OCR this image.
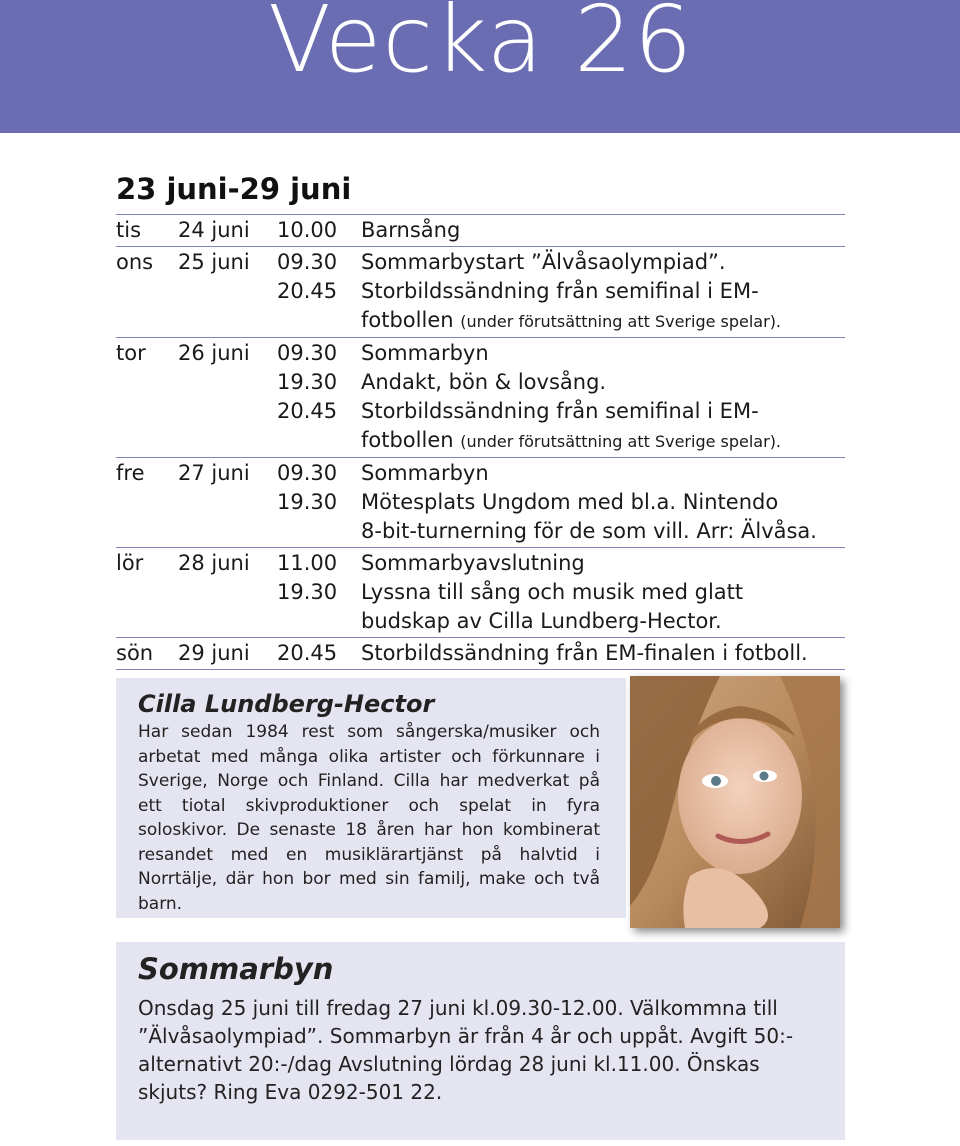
Vecka 26
23 juni-29 juni
tis	24 juni	10.00	Barnsång
ons	25 juni	09.30	Sommarbystart ”Älvåsaolympiad”.
20.45	Storbildssändning från semifinal i EM-
fotbollen (under förutsättning att Sverige spelar).
tor	26 juni	09.30	Sommarbyn
19.30	Andakt, bön & lovsång.
20.45	Storbildssändning från semifinal i EM-
fotbollen (under förutsättning att Sverige spelar).
fre	27 juni	09.30	Sommarbyn
19.30	Mötesplats Ungdom med bl.a. Nintendo
8-bit-turnerning för de som vill. Arr: Älvåsa.
lör	28 juni	11.00	Sommarbyavslutning
19.30	Lyssna till sång och musik med glatt
budskap av Cilla Lundberg-Hector.
sön	29 juni	20.45	Storbildssändning från EM-finalen i fotboll.
Cilla Lundberg-Hector

Har sedan 1984 rest som sångerska/musiker och arbetat med många olika artister och förkunnare i Sverige, Norge och Finland. Cilla har medverkat på ett tiotal skivproduktioner och spelat in fyra soloskivor. De senaste 18 åren har hon kombinerat resandet med en musiklärartjänst på halvtid i Norrtälje, där hon bor med sin familj, make och två barn.

Sommarbyn

Onsdag 25 juni till fredag 27 juni kl.09.30-12.00. Välkommna till ”Älvåsaolympiad”. Sommarbyn är från 4 år och uppåt. Avgift 50:- alternativt 20:-/dag Avslutning lördag 28 juni kl.11.00. Önskas skjuts? Ring Eva 0292-501 22.
